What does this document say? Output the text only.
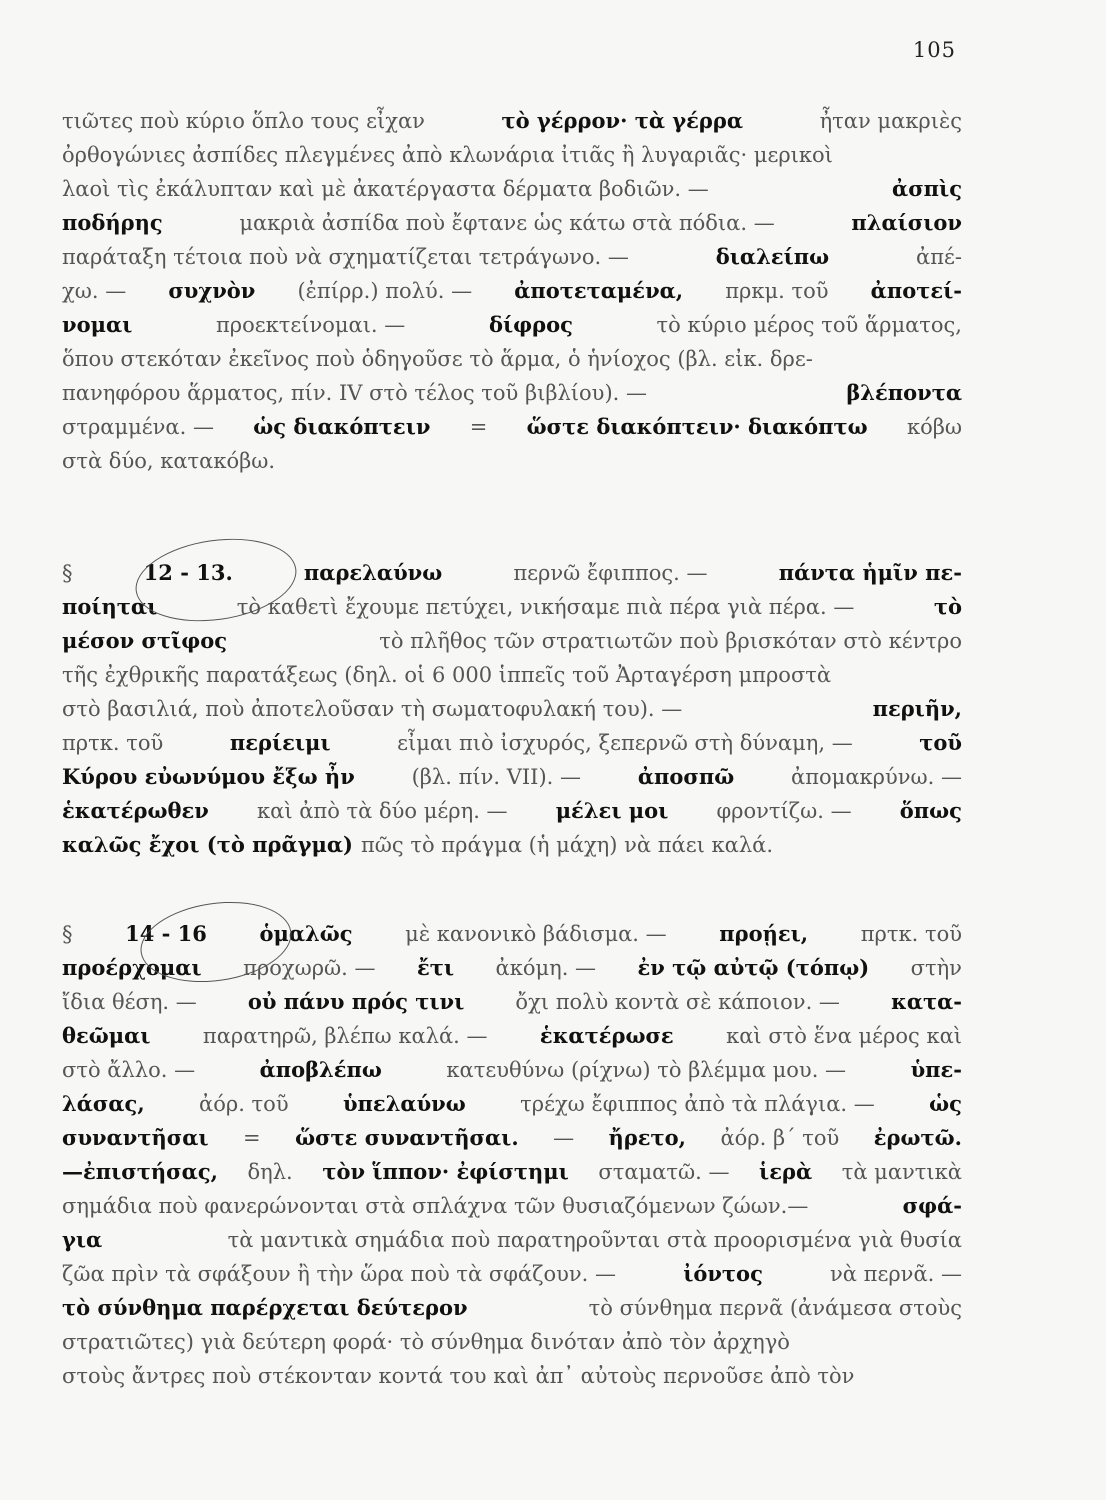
105
τιῶτες ποὺ κύριο ὅπλο τους εἶχαν	τὸ γέρρον· τὰ γέρρα	ἦταν μακριὲς
ὀρθογώνιες ἀσπίδες πλεγμένες ἀπὸ κλωνάρια ἰτιᾶς ἢ λυγαριᾶς· μερικοὶ
λαοὶ τὶς ἐκάλυπταν καὶ μὲ ἀκατέργαστα δέρματα βοδιῶν. —	ἀσπὶς
ποδήρης	μακριὰ ἀσπίδα ποὺ ἔφτανε ὡς κάτω στὰ πόδια. —	πλαίσιον
παράταξη τέτοια ποὺ νὰ σχηματίζεται τετράγωνο. —	διαλείπω	ἀπέ-
χω. — συχνὸν (ἐπίρρ.) πολύ. — ἀποτεταμένα, πρκμ. τοῦ ἀποτεί-
νομαι	προεκτείνομαι. —	δίφρος	τὸ κύριο μέρος τοῦ ἅρματος,
ὅπου στεκόταν ἐκεῖνος ποὺ ὁδηγοῦσε τὸ ἅρμα, ὁ ἡνίοχος (βλ. εἰκ. δρε-
πανηφόρου ἅρματος, πίν. IV στὸ τέλος τοῦ βιβλίου). —	βλέποντα
στραμμένα. — ὡς διακόπτειν = ὥστε διακόπτειν· διακόπτω κόβω
στὰ δύο, κατακόβω.
§	12 - 13.	παρελαύνω	περνῶ ἔφιππος. —	πάντα ἡμῖν πε-
ποίηται	τὸ καθετὶ ἔχουμε πετύχει, νικήσαμε πιὰ πέρα γιὰ πέρα. —	τὸ
μέσον στῖφος	τὸ πλῆθος τῶν στρατιωτῶν ποὺ βρισκόταν στὸ κέντρο
τῆς ἐχθρικῆς παρατάξεως (δηλ. οἱ 6 000 ἱππεῖς τοῦ Ἀρταγέρση μπροστὰ
στὸ βασιλιά, ποὺ ἀποτελοῦσαν τὴ σωματοφυλακή του). —	περιῆν,
πρτκ. τοῦ	περίειμι	εἶμαι πιὸ ἰσχυρός, ξεπερνῶ στὴ δύναμη, —	τοῦ
Κύρου εὐωνύμου ἔξω ἦν	(βλ. πίν. VII). —	ἀποσπῶ	ἀπομακρύνω. —
ἑκατέρωθεν καὶ ἀπὸ τὰ δύο μέρη. — μέλει μοι φροντίζω. — ὅπως
καλῶς ἔχοι (τὸ πρᾶγμα) πῶς τὸ πράγμα (ἡ μάχη) νὰ πάει καλά.
§	14 - 16	ὁμαλῶς	μὲ κανονικὸ βάδισμα. —	προῄει,	πρτκ. τοῦ
προέρχομαι προχωρῶ. — ἔτι ἀκόμη. — ἐν τῷ αὐτῷ (τόπῳ) στὴν
ἴδια θέση. — οὐ πάνυ πρός τινι ὄχι πολὺ κοντὰ σὲ κάποιον. — κατα-
θεῶμαι παρατηρῶ, βλέπω καλά. — ἑκατέρωσε καὶ στὸ ἕνα μέρος καὶ
στὸ ἄλλο. —	ἀποβλέπω	κατευθύνω (ρίχνω) τὸ βλέμμα μου. —	ὑπε-
λάσας,	ἀόρ. τοῦ	ὑπελαύνω	τρέχω ἔφιππος ἀπὸ τὰ πλάγια. —	ὡς
συναντῆσαι = ὥστε συναντῆσαι. — ἤρετο, ἀόρ. β΄ τοῦ ἐρωτῶ.
—ἐπιστήσας, δηλ. τὸν ἵππον· ἐφίστημι σταματῶ. — ἱερὰ τὰ μαντικὰ
σημάδια ποὺ φανερώνονται στὰ σπλάχνα τῶν θυσιαζόμενων ζώων.—	σφά-
για	τὰ μαντικὰ σημάδια ποὺ παρατηροῦνται στὰ προορισμένα γιὰ θυσία
ζῶα πρὶν τὰ σφάξουν ἢ τὴν ὥρα ποὺ τὰ σφάζουν. —	ἰόντος	νὰ περνᾶ. —
τὸ σύνθημα παρέρχεται δεύτερον	τὸ σύνθημα περνᾶ (ἀνάμεσα στοὺς
στρατιῶτες) γιὰ δεύτερη φορά· τὸ σύνθημα δινόταν ἀπὸ τὸν ἀρχηγὸ
στοὺς ἄντρες ποὺ στέκονταν κοντά του καὶ ἀπ᾽ αὐτοὺς περνοῦσε ἀπὸ τὸν
